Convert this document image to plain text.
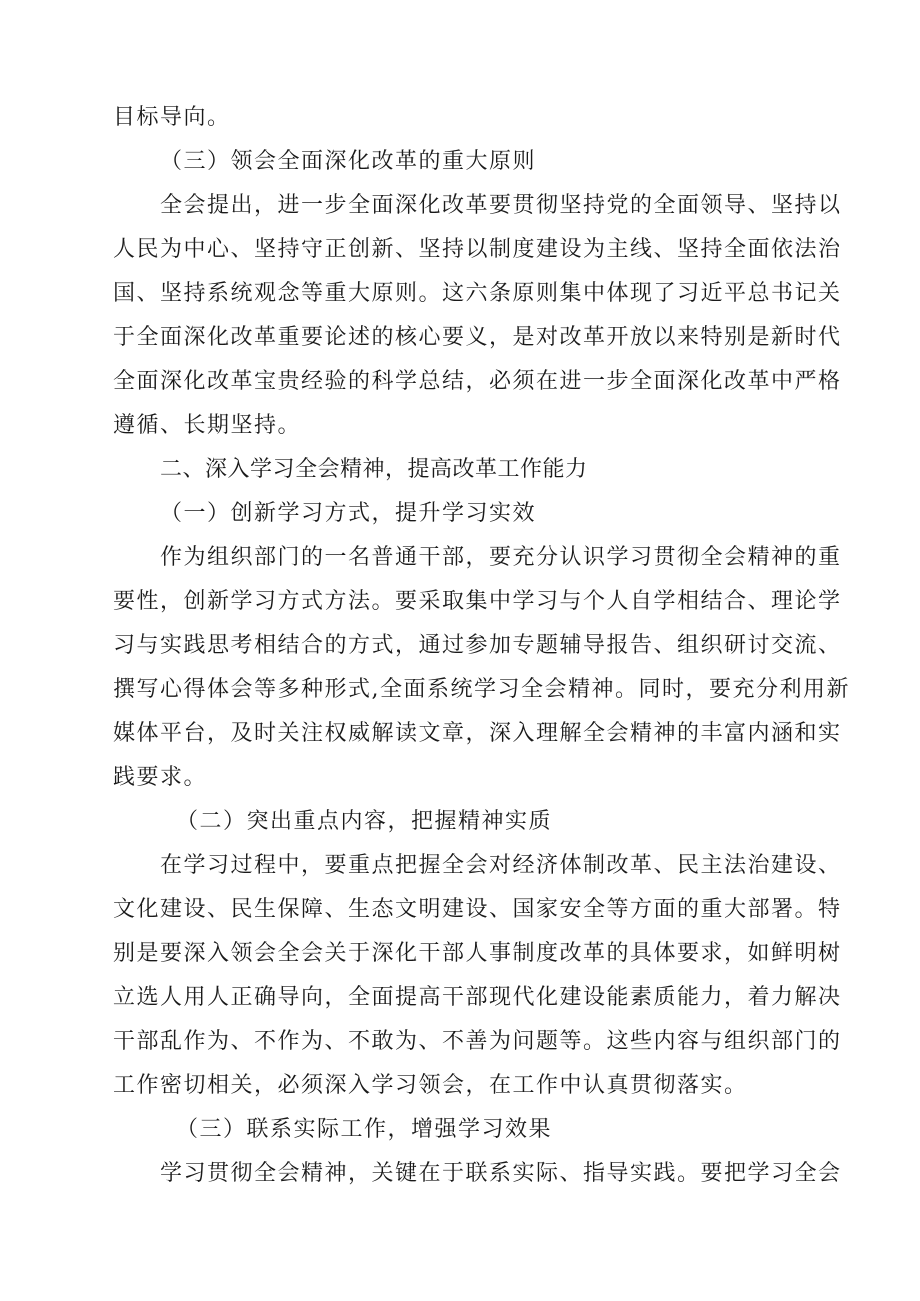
目标导向。
（三）领会全面深化改革的重大原则
全会提出，进一步全面深化改革要贯彻坚持党的全面领导、坚持以
人民为中心、坚持守正创新、坚持以制度建设为主线、坚持全面依法治
国、坚持系统观念等重大原则。这六条原则集中体现了习近平总书记关
于全面深化改革重要论述的核心要义，是对改革开放以来特别是新时代
全面深化改革宝贵经验的科学总结，必须在进一步全面深化改革中严格
遵循、长期坚持。
二、深入学习全会精神，提高改革工作能力
（一）创新学习方式，提升学习实效
作为组织部门的一名普通干部，要充分认识学习贯彻全会精神的重
要性，创新学习方式方法。要采取集中学习与个人自学相结合、理论学
习与实践思考相结合的方式，通过参加专题辅导报告、组织研讨交流、
撰写心得体会等多种形式,全面系统学习全会精神。同时，要充分利用新
媒体平台，及时关注权威解读文章，深入理解全会精神的丰富内涵和实
践要求。
（二）突出重点内容，把握精神实质
在学习过程中，要重点把握全会对经济体制改革、民主法治建设、
文化建设、民生保障、生态文明建设、国家安全等方面的重大部署。特
别是要深入领会全会关于深化干部人事制度改革的具体要求，如鲜明树
立选人用人正确导向，全面提高干部现代化建设能素质能力，着力解决
干部乱作为、不作为、不敢为、不善为问题等。这些内容与组织部门的
工作密切相关，必须深入学习领会，在工作中认真贯彻落实。
（三）联系实际工作，增强学习效果
学习贯彻全会精神，关键在于联系实际、指导实践。要把学习全会
